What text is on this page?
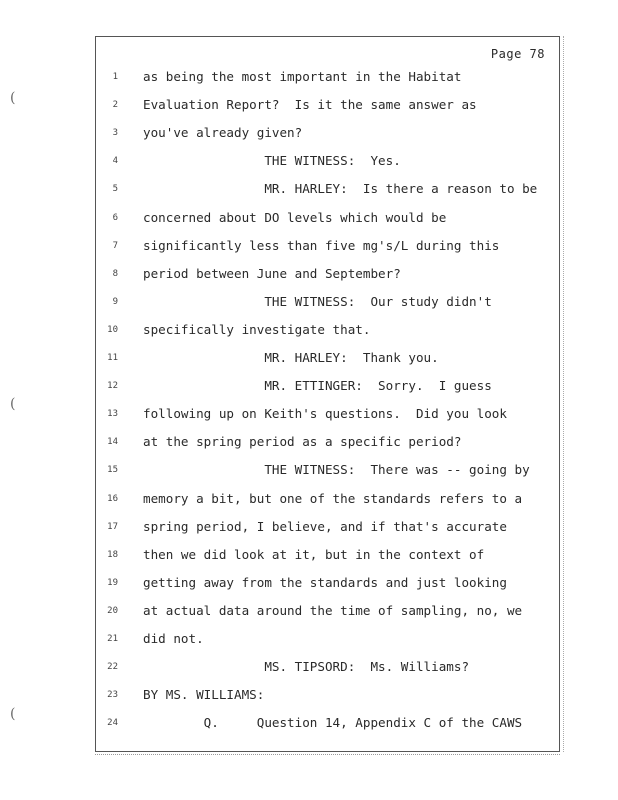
(
(
(
Page 78
1 as being the most important in the Habitat
2 Evaluation Report?  Is it the same answer as
3 you've already given?
4 THE WITNESS:  Yes.
5 MR. HARLEY:  Is there a reason to be
6 concerned about DO levels which would be
7 significantly less than five mg's/L during this
8 period between June and September?
9 THE WITNESS:  Our study didn't
10 specifically investigate that.
11 MR. HARLEY:  Thank you.
12 MR. ETTINGER:  Sorry.  I guess
13 following up on Keith's questions.  Did you look
14 at the spring period as a specific period?
15 THE WITNESS:  There was -- going by
16 memory a bit, but one of the standards refers to a
17 spring period, I believe, and if that's accurate
18 then we did look at it, but in the context of
19 getting away from the standards and just looking
20 at actual data around the time of sampling, no, we
21 did not.
22 MS. TIPSORD:  Ms. Williams?
23 BY MS. WILLIAMS:
24 Q.     Question 14, Appendix C of the CAWS
